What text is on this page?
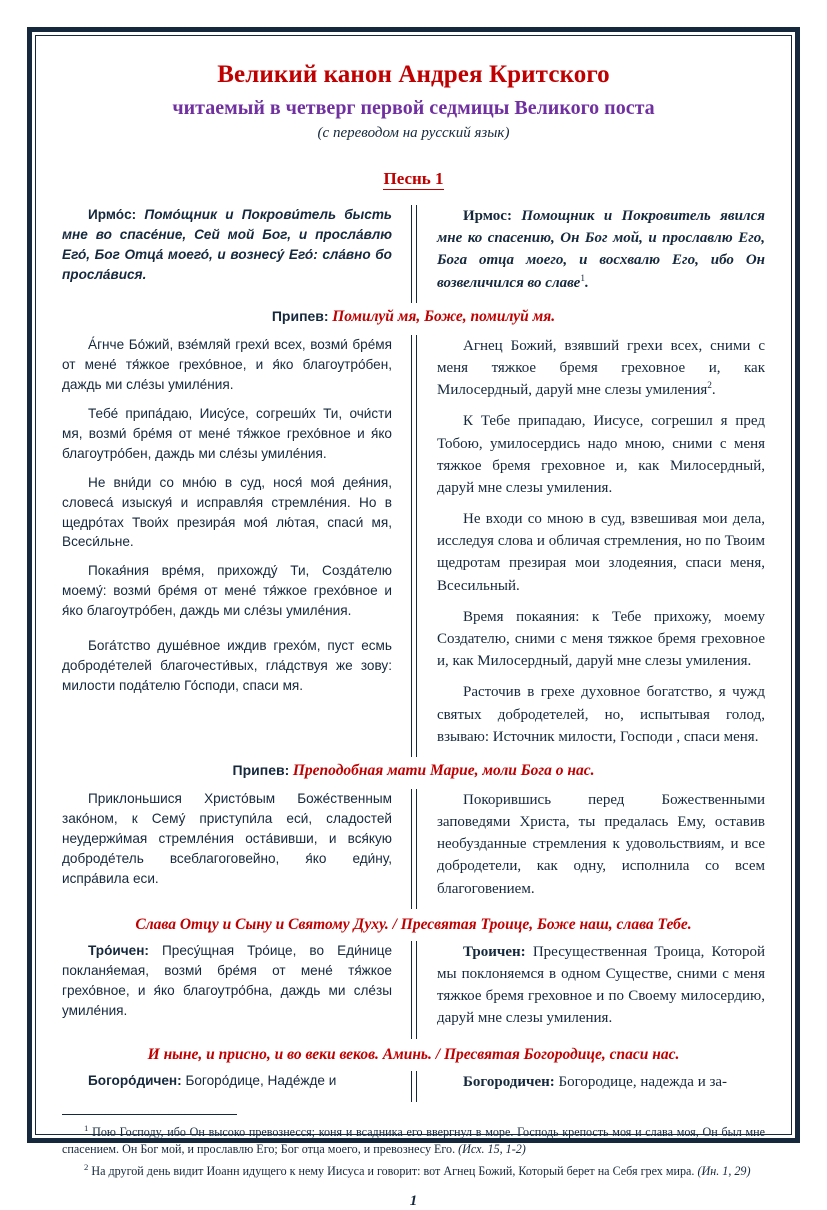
Великий канон Андрея Критского
читаемый в четверг первой седмицы Великого поста
(с переводом на русский язык)
Песнь 1

Ирмо́с: Помо́щник и Покрови́тель бысть мне во спасе́ние, Сей мой Бог, и просла́влю Его́, Бог Отца́ моего́, и вознесу́ Его́: сла́вно бо просла́вися.

Ирмос: Помощник и Покровитель явился мне ко спасению, Он Бог мой, и прославлю Его, Бога отца моего, и восхвалю Его, ибо Он возвеличился во славе$^1$.

Припев: Помилуй мя, Боже, помилуй мя.

А́гнче Бо́жий, взе́мляй грехи́ всех, возми́ бре́мя от мене́ тя́жкое грехо́вное, и я́ко благоутро́бен, даждь ми сле́зы умиле́ния.

Тебе́ припа́даю, Иису́се, согреши́х Ти, очи́сти мя, возми́ бре́мя от мене́ тя́жкое грехо́вное и я́ко благоутро́бен, даждь ми сле́зы умиле́ния.

Не вни́ди со мно́ю в суд, нося́ моя́ дея́ния, словеса́ изыскуя́ и исправля́я стремле́ния. Но в щедро́тах Твои́х презира́я моя́ лю́тая, спаси́ мя, Всеси́льне.

Покая́ния вре́мя, прихожду́ Ти, Созда́телю моему́: возми́ бре́мя от мене́ тя́жкое грехо́вное и я́ко благоутро́бен, даждь ми сле́зы умиле́ния.

Бога́тство душе́вное иждив грехо́м, пуст есмь доброде́телей благочести́вых, гла́дствуя же зову: милости пода́телю Го́споди, спаси мя.

Агнец Божий, взявший грехи всех, сними с меня тяжкое бремя греховное и, как Милосердный, даруй мне слезы умиления$^2$.

К Тебе припадаю, Иисусе, согрешил я пред Тобою, умилосердись надо мною, сними с меня тяжкое бремя греховное и, как Милосердный, даруй мне слезы умиления.

Не входи со мною в суд, взвешивая мои дела, исследуя слова и обличая стремления, но по Твоим щедротам презирая мои злодеяния, спаси меня, Всесильный.

Время покаяния: к Тебе прихожу, моему Создателю, сними с меня тяжкое бремя греховное и, как Милосердный, даруй мне слезы умиления.

Расточив в грехе духовное богатство, я чужд святых добродетелей, но, испытывая голод, взываю: Источник милости, Господи , спаси меня.

Припев: Преподобная мати Марие, моли Бога о нас.

Приклоньшися Христо́вым Боже́ственным зако́ном, к Сему́ приступи́ла еси́, сладостей неудержи́мая стремле́ния оста́вивши, и вся́кую доброде́тель всеблагоговейно, я́ко еди́ну, испра́вила еси.

Покорившись перед Божественными заповедями Христа, ты предалась Ему, оставив необузданные стремления к удовольствиям, и все добродетели, как одну, исполнила со всем благоговением.

Слава Отцу и Сыну и Святому Духу. / Пресвятая Троице, Боже наш, слава Тебе.

Тро́ичен: Пресу́щная Тро́ице, во Еди́нице покланя́емая, возми́ бре́мя от мене́ тя́жкое грехо́вное, и я́ко благоутро́бна, даждь ми сле́зы умиле́ния.

Троичен: Пресущественная Троица, Которой мы поклоняемся в одном Существе, сними с меня тяжкое бремя греховное и по Своему милосердию, даруй мне слезы умиления.

И ныне, и присно, и во веки веков. Аминь. / Пресвятая Богородице, спаси нас.

Богоро́дичен: Богоро́дице, Наде́жде и	Богородичен: Богородице, надежда и за-

$^1$ Пою Господу, ибо Он высоко превознесся; коня и всадника его ввергнул в море. Господь крепость моя и слава моя, Он был мне спасением. Он Бог мой, и прославлю Его; Бог отца моего, и превознесу Его. (Исх. 15, 1-2)

$^2$ На другой день видит Иоанн идущего к нему Иисуса и говорит: вот Агнец Божий, Который берет на Себя грех мира. (Ин. 1, 29)

1
